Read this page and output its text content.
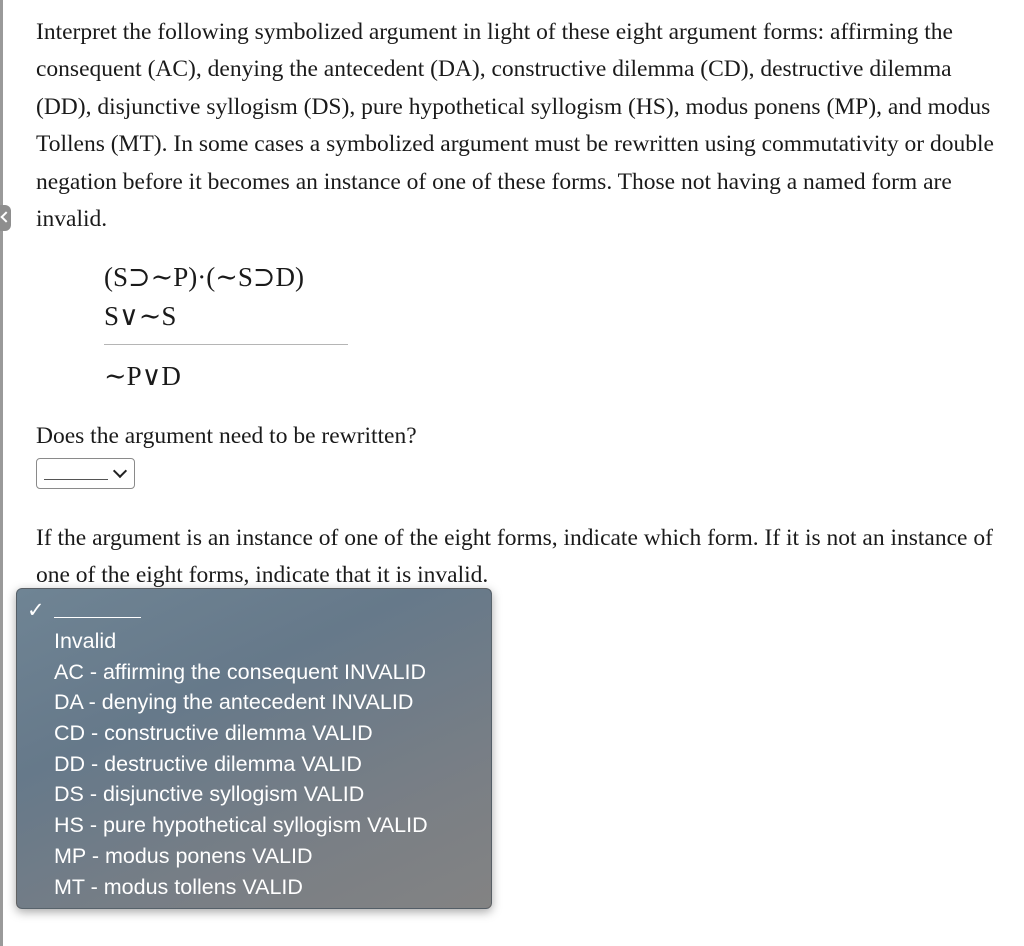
Interpret the following symbolized argument in light of these eight argument forms: affirming the consequent (AC), denying the antecedent (DA), constructive dilemma (CD), destructive dilemma (DD), disjunctive syllogism (DS), pure hypothetical syllogism (HS), modus ponens (MP), and modus Tollens (MT). In some cases a symbolized argument must be rewritten using commutativity or double negation before it becomes an instance of one of these forms. Those not having a named form are invalid.

(S⊃∼P)·(∼S⊃D)
S∨∼S
∼P∨D

Does the argument need to be rewritten?

If the argument is an instance of one of the eight forms, indicate which form. If it is not an instance of one of the eight forms, indicate that it is invalid.

✓
Invalid
AC - affirming the consequent INVALID
DA - denying the antecedent INVALID
CD - constructive dilemma VALID
DD - destructive dilemma VALID
DS - disjunctive syllogism VALID
HS - pure hypothetical syllogism VALID
MP - modus ponens VALID
MT - modus tollens VALID
